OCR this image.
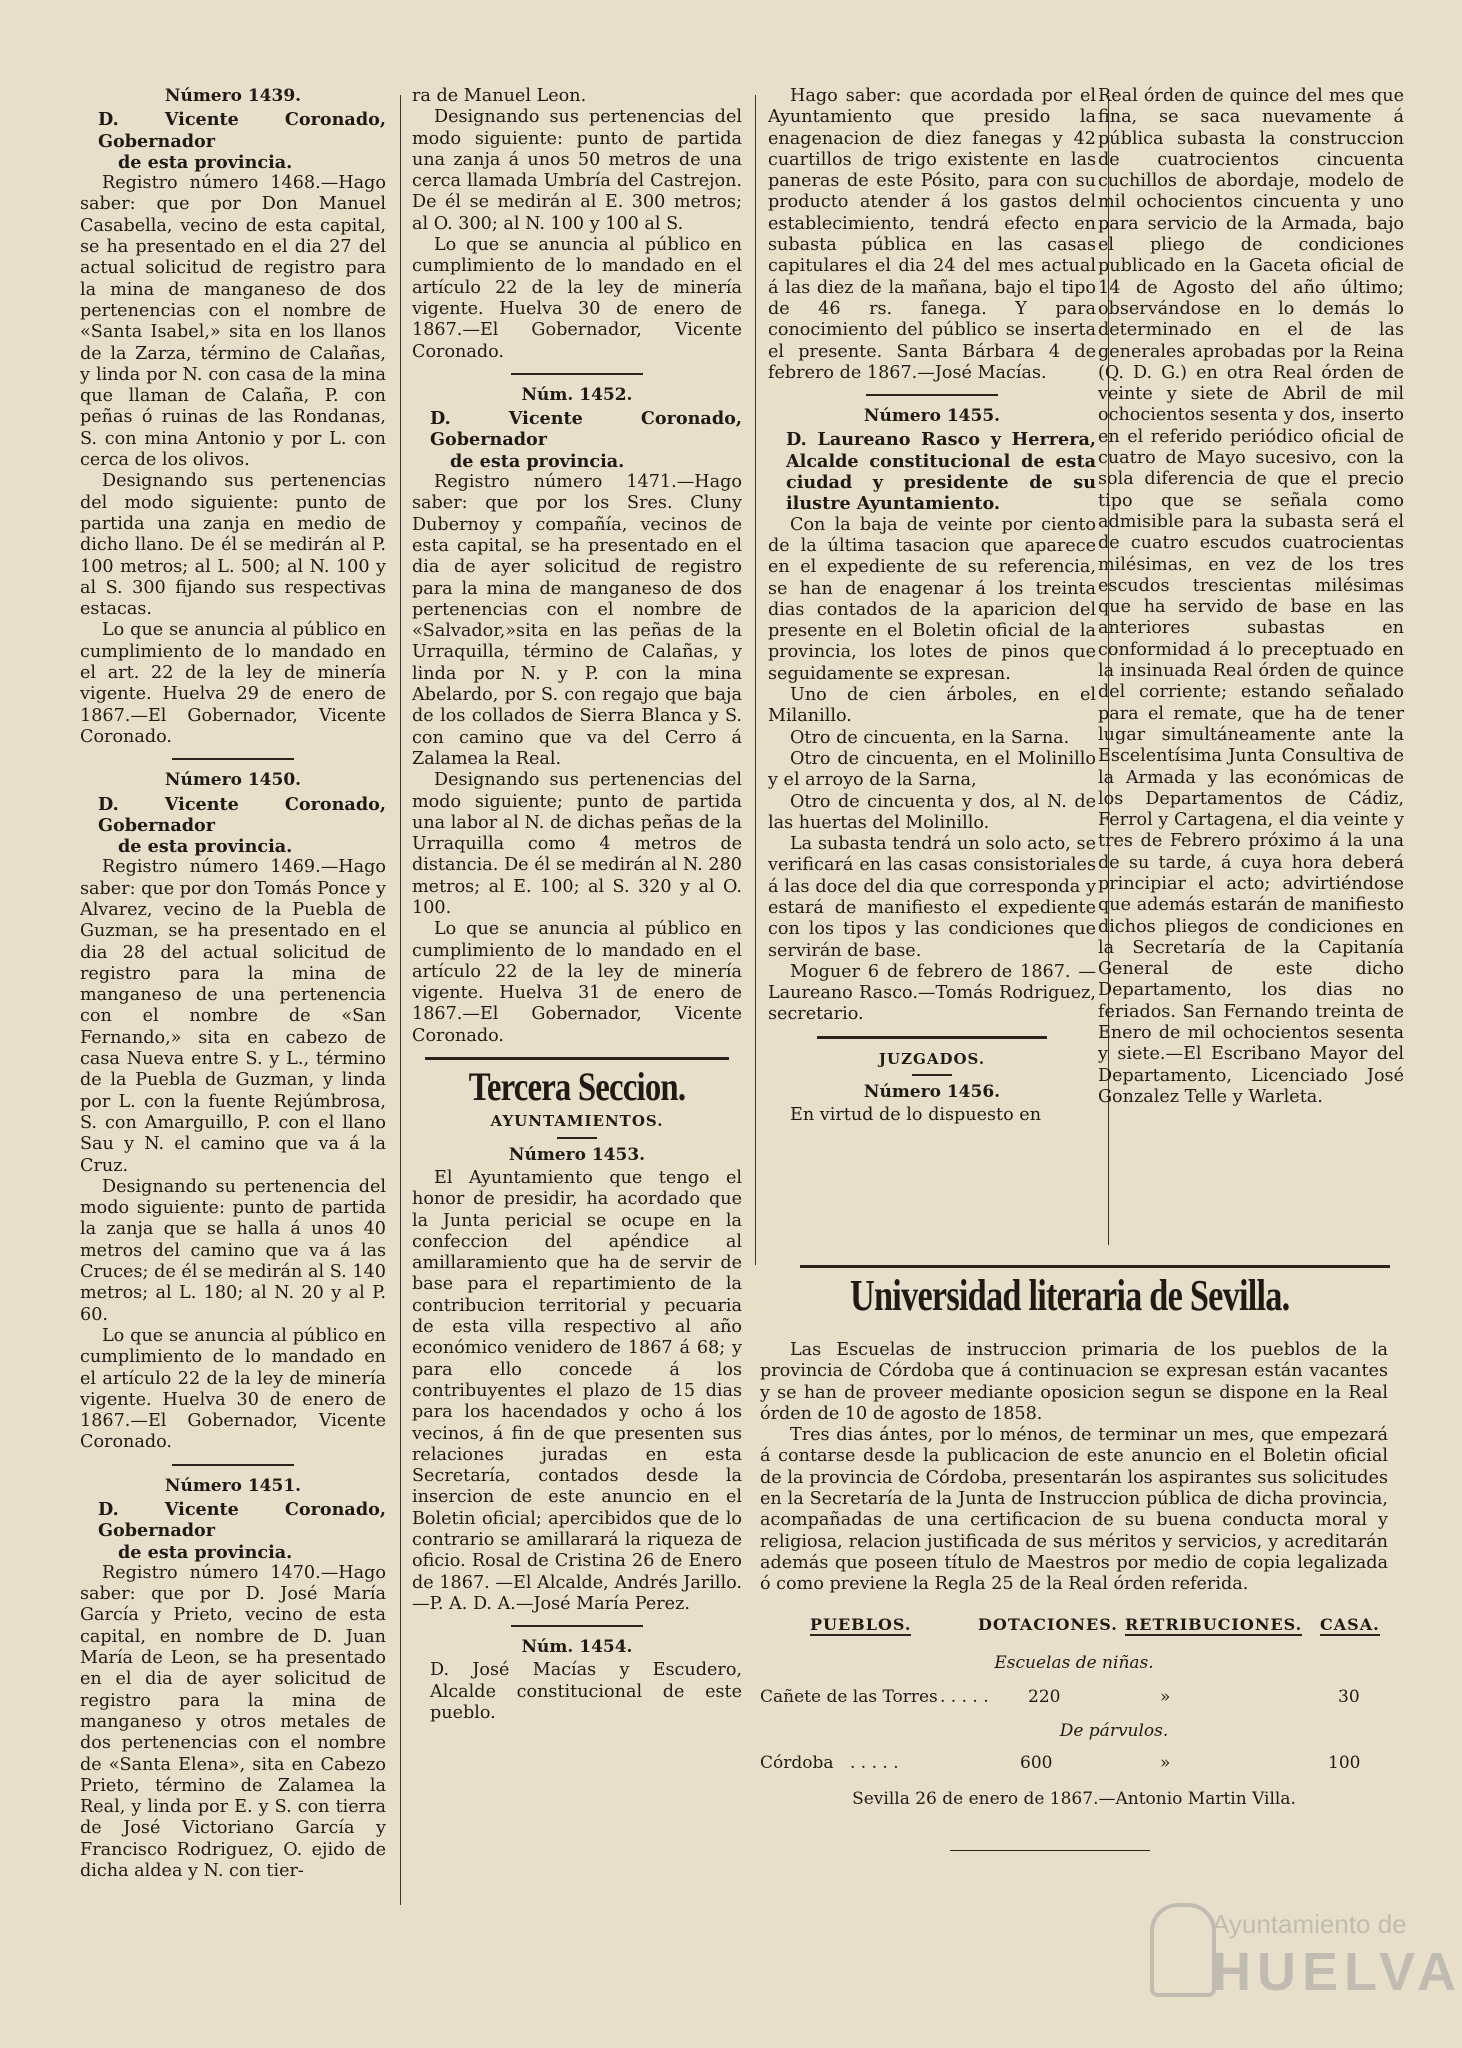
Número 1439.

D. Vicente Coronado, Gobernador

de esta provincia.

Registro número 1468.—Hago saber: que por Don Manuel Casabella, vecino de esta capital, se ha presentado en el dia 27 del actual solicitud de registro para la mina de manganeso de dos pertenencias con el nombre de «Santa Isabel,» sita en los llanos de la Zarza, término de Calañas, y linda por N. con casa de la mina que llaman de Calaña, P. con peñas ó ruinas de las Rondanas, S. con mina Antonio y por L. con cerca de los olivos.

Designando sus pertenencias del modo siguiente: punto de partida una zanja en medio de dicho llano. De él se medirán al P. 100 metros; al L. 500; al N. 100 y al S. 300 fijando sus respectivas estacas.

Lo que se anuncia al público en cumplimiento de lo mandado en el art. 22 de la ley de minería vigente. Huelva 29 de enero de 1867.—El Gobernador, Vicente Coronado.

Número 1450.

D. Vicente Coronado, Gobernador

de esta provincia.

Registro número 1469.—Hago saber: que por don Tomás Ponce y Alvarez, vecino de la Puebla de Guzman, se ha presentado en el dia 28 del actual solicitud de registro para la mina de manganeso de una pertenencia con el nombre de «San Fernando,» sita en cabezo de casa Nueva entre S. y L., término de la Puebla de Guzman, y linda por L. con la fuente Rejúmbrosa, S. con Amarguillo, P. con el llano Sau y N. el camino que va á la Cruz.

Designando su pertenencia del modo siguiente: punto de partida la zanja que se halla á unos 40 metros del camino que va á las Cruces; de él se medirán al S. 140 metros; al L. 180; al N. 20 y al P. 60.

Lo que se anuncia al público en cumplimiento de lo mandado en el artículo 22 de la ley de minería vigente. Huelva 30 de enero de 1867.—El Gobernador, Vicente Coronado.

Número 1451.

D. Vicente Coronado, Gobernador

de esta provincia.

Registro número 1470.—Hago saber: que por D. José María García y Prieto, vecino de esta capital, en nombre de D. Juan María de Leon, se ha presentado en el dia de ayer solicitud de registro para la mina de manganeso y otros metales de dos pertenencias con el nombre de «Santa Elena», sita en Cabezo Prieto, término de Zalamea la Real, y linda por E. y S. con tierra de José Victoriano García y Francisco Rodriguez, O. ejido de dicha aldea y N. con tier-

ra de Manuel Leon.

Designando sus pertenencias del modo siguiente: punto de partida una zanja á unos 50 metros de una cerca llamada Umbría del Castrejon. De él se medirán al E. 300 metros; al O. 300; al N. 100 y 100 al S.

Lo que se anuncia al público en cumplimiento de lo mandado en el artículo 22 de la ley de minería vigente. Huelva 30 de enero de 1867.—El Gobernador, Vicente Coronado.

Núm. 1452.

D. Vicente Coronado, Gobernador

de esta provincia.

Registro número 1471.—Hago saber: que por los Sres. Cluny Dubernoy y compañía, vecinos de esta capital, se ha presentado en el dia de ayer solicitud de registro para la mina de manganeso de dos pertenencias con el nombre de «Salvador,»sita en las peñas de la Urraquilla, término de Calañas, y linda por N. y P. con la mina Abelardo, por S. con regajo que baja de los collados de Sierra Blanca y S. con camino que va del Cerro á Zalamea la Real.

Designando sus pertenencias del modo siguiente; punto de partida una labor al N. de dichas peñas de la Urraquilla como 4 metros de distancia. De él se medirán al N. 280 metros; al E. 100; al S. 320 y al O. 100.

Lo que se anuncia al público en cumplimiento de lo mandado en el artículo 22 de la ley de minería vigente. Huelva 31 de enero de 1867.—El Gobernador, Vicente Coronado.

Tercera Seccion.
AYUNTAMIENTOS.
Número 1453.

El Ayuntamiento que tengo el honor de presidir, ha acordado que la Junta pericial se ocupe en la confeccion del apéndice al amillaramiento que ha de servir de base para el repartimiento de la contribucion territorial y pecuaria de esta villa respectivo al año económico venidero de 1867 á 68; y para ello concede á los contribuyentes el plazo de 15 dias para los hacendados y ocho á los vecinos, á fin de que presenten sus relaciones juradas en esta Secretaría, contados desde la insercion de este anuncio en el Boletin oficial; apercibidos que de lo contrario se amillarará la riqueza de oficio. Rosal de Cristina 26 de Enero de 1867. —El Alcalde, Andrés Jarillo.—P. A. D. A.—José María Perez.

Núm. 1454.

D. José Macías y Escudero, Alcalde constitucional de este pueblo.

Hago saber: que acordada por el Ayuntamiento que presido la enagenacion de diez fanegas y 42 cuartillos de trigo existente en las paneras de este Pósito, para con su producto atender á los gastos del establecimiento, tendrá efecto en subasta pública en las casas capitulares el dia 24 del mes actual á las diez de la mañana, bajo el tipo de 46 rs. fanega. Y para conocimiento del público se inserta el presente. Santa Bárbara 4 de febrero de 1867.—José Macías.

Número 1455.

D. Laureano Rasco y Herrera, Alcalde constitucional de esta ciudad y presidente de su ilustre Ayuntamiento.

Con la baja de veinte por ciento de la última tasacion que aparece en el expediente de su referencia, se han de enagenar á los treinta dias contados de la aparicion del presente en el Boletin oficial de la provincia, los lotes de pinos que seguidamente se expresan.

Uno de cien árboles, en el Milanillo.

Otro de cincuenta, en la Sarna.

Otro de cincuenta, en el Molinillo y el arroyo de la Sarna,

Otro de cincuenta y dos, al N. de las huertas del Molinillo.

La subasta tendrá un solo acto, se verificará en las casas consistoriales á las doce del dia que corresponda y estará de manifiesto el expediente con los tipos y las condiciones que servirán de base.

Moguer 6 de febrero de 1867. —Laureano Rasco.—Tomás Rodriguez, secretario.

JUZGADOS.
Número 1456.

En virtud de lo dispuesto en

Real órden de quince del mes que fina, se saca nuevamente á pública subasta la construccion de cuatrocientos cincuenta cuchillos de abordaje, modelo de mil ochocientos cincuenta y uno para servicio de la Armada, bajo el pliego de condiciones publicado en la Gaceta oficial de 14 de Agosto del año último; observándose en lo demás lo determinado en el de las generales aprobadas por la Reina (Q. D. G.) en otra Real órden de veinte y siete de Abril de mil ochocientos sesenta y dos, inserto en el referido periódico oficial de cuatro de Mayo sucesivo, con la sola diferencia de que el precio tipo que se señala como admisible para la subasta será el de cuatro escudos cuatrocientas milésimas, en vez de los tres escudos trescientas milésimas que ha servido de base en las anteriores subastas en conformidad á lo preceptuado en la insinuada Real órden de quince del corriente; estando señalado para el remate, que ha de tener lugar simultáneamente ante la Escelentísima Junta Consultiva de la Armada y las económicas de los Departamentos de Cádiz, Ferrol y Cartagena, el dia veinte y tres de Febrero próximo á la una de su tarde, á cuya hora deberá principiar el acto; advirtiéndose que además estarán de manifiesto dichos pliegos de condiciones en la Secretaría de la Capitanía General de este dicho Departamento, los dias no feriados. San Fernando treinta de Enero de mil ochocientos sesenta y siete.—El Escribano Mayor del Departamento, Licenciado José Gonzalez Telle y Warleta.

Universidad literaria de Sevilla.

Las Escuelas de instruccion primaria de los pueblos de la provincia de Córdoba que á continuacion se expresan están vacantes y se han de proveer mediante oposicion segun se dispone en la Real órden de 10 de agosto de 1858.

Tres dias ántes, por lo ménos, de terminar un mes, que empezará á contarse desde la publicacion de este anuncio en el Boletin oficial de la provincia de Córdoba, presentarán los aspirantes sus solicitudes en la Secretaría de la Junta de Instruccion pública de dicha provincia, acompañadas de una certificacion de su buena conducta moral y religiosa, relacion justificada de sus méritos y servicios, y acreditarán además que poseen título de Maestros por medio de copia legalizada ó como previene la Regla 25 de la Real órden referida.

PUEBLOS.	DOTACIONES. RETRIBUCIONES. CASA.
Escuelas de niñas.
Cañete de las Torres . . . . . 220	»	30
De párvulos.
Córdoba . . . . .	600	»	100
Sevilla 26 de enero de 1867.—Antonio Martin Villa.
Ayuntamiento de
HUELVA
